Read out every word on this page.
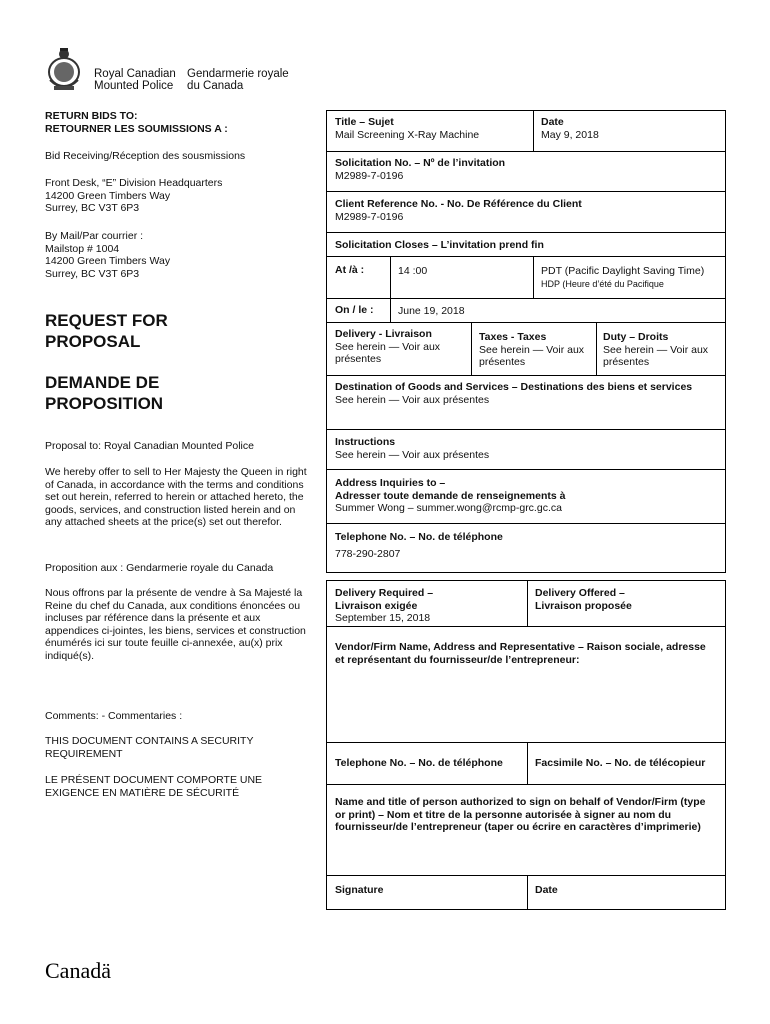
Royal Canadian
Mounted Police

Gendarmerie royale
du Canada

RETURN BIDS TO:

RETOURNER LES SOUMISSIONS A :

Bid Receiving/Réception des sousmissions

Front Desk, “E” Division Headquarters

14200 Green Timbers Way

Surrey, BC V3T 6P3

By Mail/Par courrier :

Mailstop # 1004

14200 Green Timbers Way

Surrey, BC V3T 6P3

REQUEST FOR
PROPOSAL
DEMANDE DE
PROPOSITION
Proposal to: Royal Canadian Mounted Police
We hereby offer to sell to Her Majesty the Queen in right of Canada, in accordance with the terms and conditions set out herein, referred to herein or attached hereto, the goods, services, and construction listed herein and on any attached sheets at the price(s) set out therefor.
Proposition aux : Gendarmerie royale du Canada
Nous offrons par la présente de vendre à Sa Majesté la Reine du chef du Canada, aux conditions énoncées ou incluses par référence dans la présente et aux appendices ci-jointes, les biens, services et construction énumérés ici sur toute feuille ci-annexée, au(x) prix indiqué(s).
Comments: - Commentaries :
THIS DOCUMENT CONTAINS A SECURITY REQUIREMENT
LE PRÉSENT DOCUMENT COMPORTE UNE EXIGENCE EN MATIÈRE DE SÉCURITÉ
Title – Sujet
Mail Screening X-Ray Machine
Date
May 9, 2018
Solicitation No. – Nº de l’invitation
M2989-7-0196
Client Reference No. - No. De Référence du Client
M2989-7-0196
Solicitation Closes – L’invitation prend fin
At /à :	14 :00	PDT (Pacific Daylight Saving Time)
HDP (Heure d’été du Pacifique
On / le :	June 19, 2018
Delivery - Livraison
See herein — Voir aux présentes
Taxes - Taxes
See herein — Voir aux présentes
Duty – Droits
See herein — Voir aux présentes
Destination of Goods and Services – Destinations des biens et services
See herein — Voir aux présentes
Instructions
See herein — Voir aux présentes
Address Inquiries to –
Adresser toute demande de renseignements à
Summer Wong – summer.wong@rcmp-grc.gc.ca
Telephone No. – No. de téléphone
778-290-2807
Delivery Required –
Livraison exigée
September 15, 2018
Delivery Offered –
Livraison proposée
Vendor/Firm Name, Address and Representative – Raison sociale, adresse et représentant du fournisseur/de l’entrepreneur:
Telephone No. – No. de téléphone	Facsimile No. – No. de télécopieur
Name and title of person authorized to sign on behalf of Vendor/Firm (type or print) – Nom et titre de la personne autorisée à signer au nom du fournisseur/de l’entrepreneur (taper ou écrire en caractères d’imprimerie)
Signature	Date
Canadä
